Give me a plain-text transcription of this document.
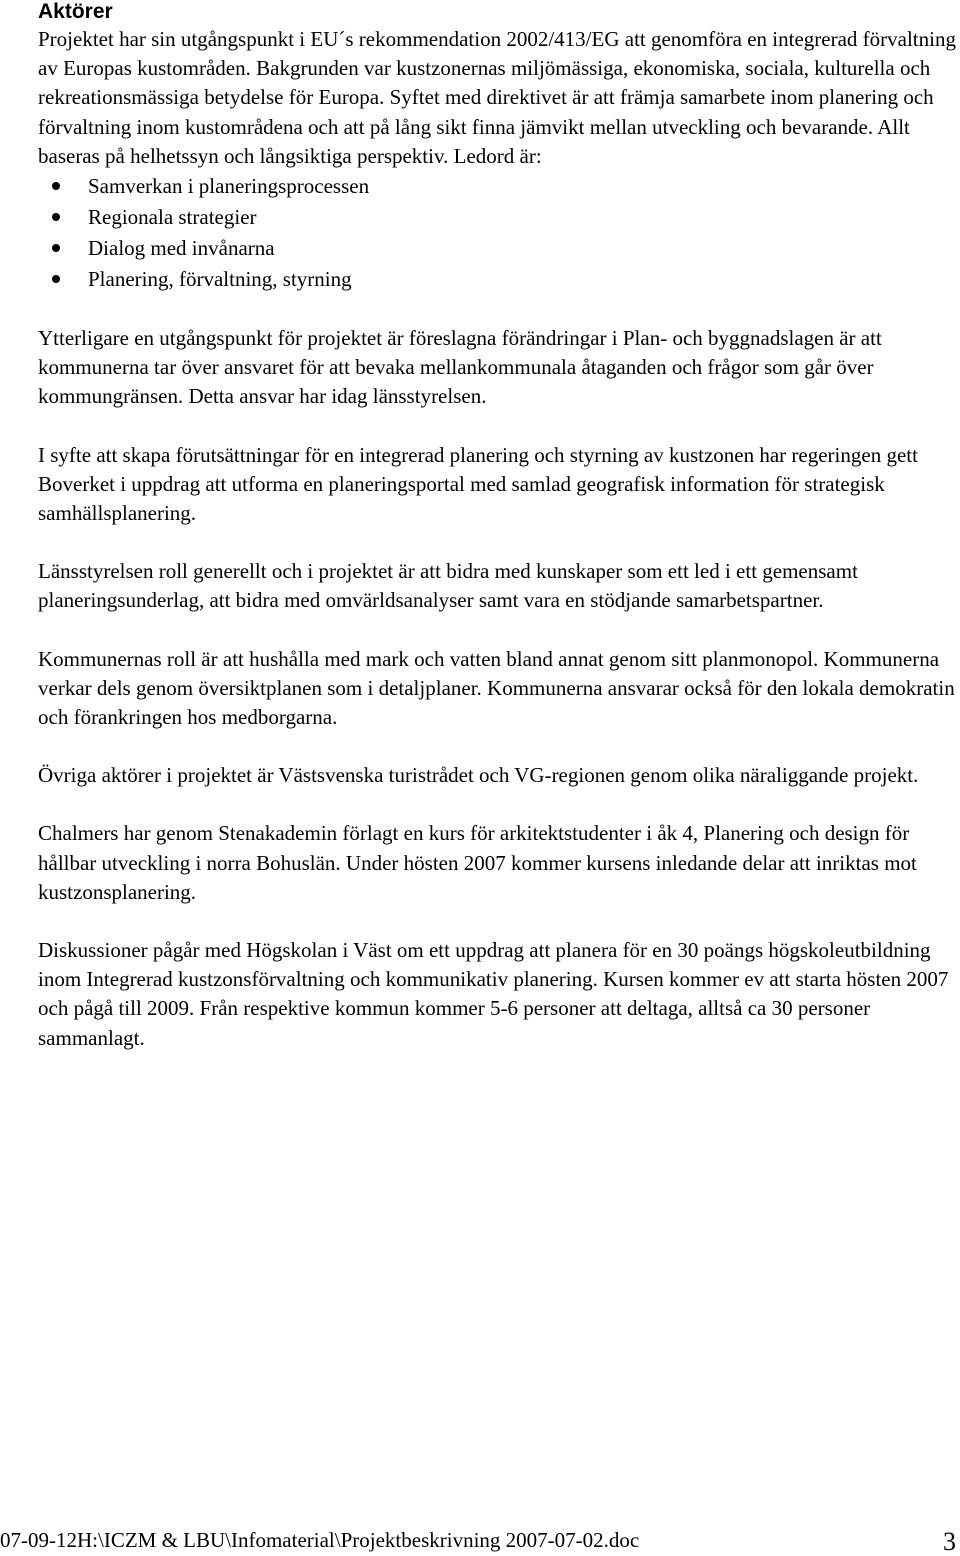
Aktörer

Projektet har sin utgångspunkt i EU´s rekommendation 2002/413/EG att genomföra en integrerad förvaltning av Europas kustområden. Bakgrunden var kustzonernas miljömässiga, ekonomiska, sociala, kulturella och rekreationsmässiga betydelse för Europa. Syftet med direktivet är att främja samarbete inom planering och förvaltning inom kustområdena och att på lång sikt finna jämvikt mellan utveckling och bevarande. Allt baseras på helhetssyn och långsiktiga perspektiv. Ledord är:

Samverkan i planeringsprocessen
Regionala strategier
Dialog med invånarna
Planering, förvaltning, styrning

Ytterligare en utgångspunkt för projektet är föreslagna förändringar i Plan- och byggnadslagen är att kommunerna tar över ansvaret för att bevaka mellankommunala åtaganden och frågor som går över kommungränsen. Detta ansvar har idag länsstyrelsen.

I syfte att skapa förutsättningar för en integrerad planering och styrning av kustzonen har regeringen gett Boverket i uppdrag att utforma en planeringsportal med samlad geografisk information för strategisk samhällsplanering.

Länsstyrelsen roll generellt och i projektet är att bidra med kunskaper som ett led i ett gemensamt planeringsunderlag, att bidra med omvärldsanalyser samt vara en stödjande samarbetspartner.

Kommunernas roll är att hushålla med mark och vatten bland annat genom sitt planmonopol. Kommunerna verkar dels genom översiktplanen som i detaljplaner. Kommunerna ansvarar också för den lokala demokratin och förankringen hos medborgarna.

Övriga aktörer i projektet är Västsvenska turistrådet och VG-regionen genom olika näraliggande projekt.

Chalmers har genom Stenakademin förlagt en kurs för arkitektstudenter i åk 4, Planering och design för hållbar utveckling i norra Bohuslän. Under hösten 2007 kommer kursens inledande delar att inriktas mot kustzonsplanering.

Diskussioner pågår med Högskolan i Väst om ett uppdrag att planera för en 30 poängs högskoleutbildning inom Integrerad kustzonsförvaltning och kommunikativ planering. Kursen kommer ev att starta hösten 2007 och pågå till 2009. Från respektive kommun kommer 5-6 personer att deltaga, alltså ca 30 personer sammanlagt.

07-09-12H:\ICZM & LBU\Infomaterial\Projektbeskrivning 2007-07-02.doc	3
